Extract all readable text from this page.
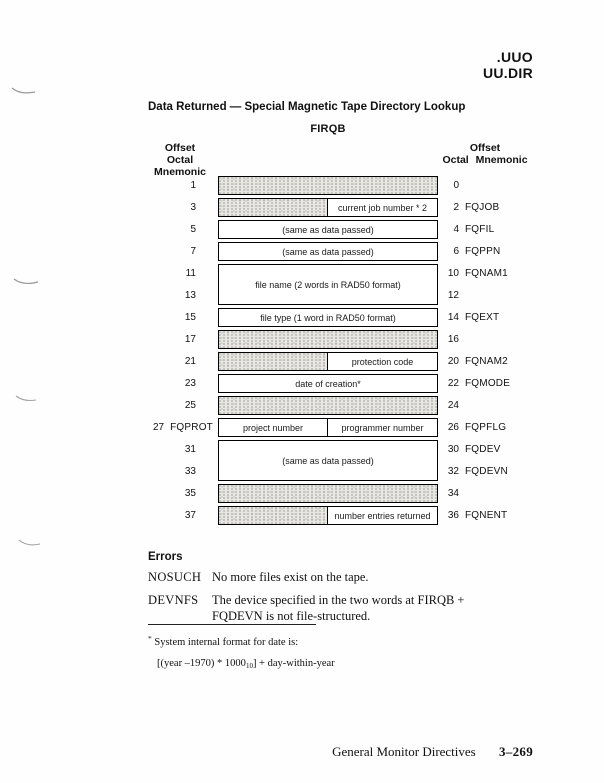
.UUO
UU.DIR
Data Returned — Special Magnetic Tape Directory Lookup
FIRQB
Offset
Octal Mnemonic
Offset
Octal Mnemonic
current job number * 2
(same as data passed)
(same as data passed)
file name (2 words in RAD50 format)
file type (1 word in RAD50 format)
protection code
date of creation*
project number	programmer number
(same as data passed)
number entries returned
1
3
5
7
11
13
15
17
21
23
25
27 FQPROT
31
33
35
37
0
2 FQJOB
4 FQFIL
6 FQPPN
10 FQNAM1
12
14 FQEXT
16
20 FQNAM2
22 FQMODE
24
26 FQPFLG
30 FQDEV
32 FQDEVN
34
36 FQNENT
Errors
NOSUCH No more files exist on the tape.
DEVNFS	The device specified in the two words at FIRQB + FQDEVN is not file-structured.
* System internal format for date is:
[(year $-1970) * 1000_{10}$] + day-within-year
General Monitor Directives 3–269
